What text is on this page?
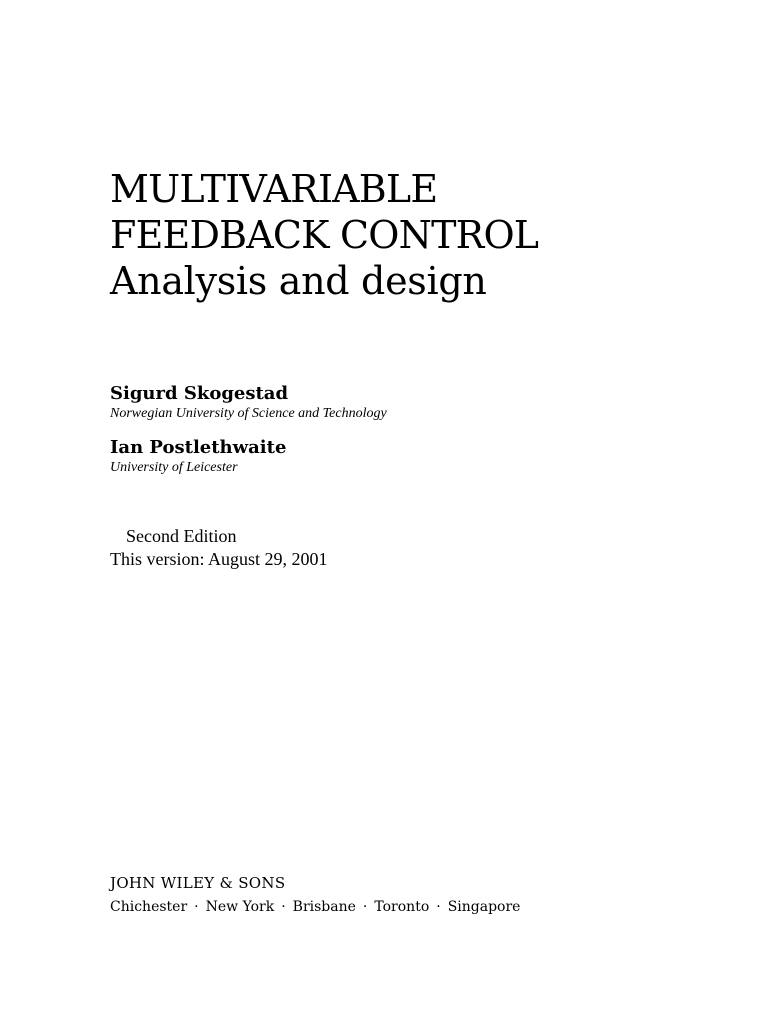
MULTIVARIABLE
FEEDBACK CONTROL
Analysis and design
Sigurd Skogestad
Norwegian University of Science and Technology
Ian Postlethwaite
University of Leicester
Second Edition
This version: August 29, 2001
JOHN WILEY & SONS
Chichester · New York · Brisbane · Toronto · Singapore
